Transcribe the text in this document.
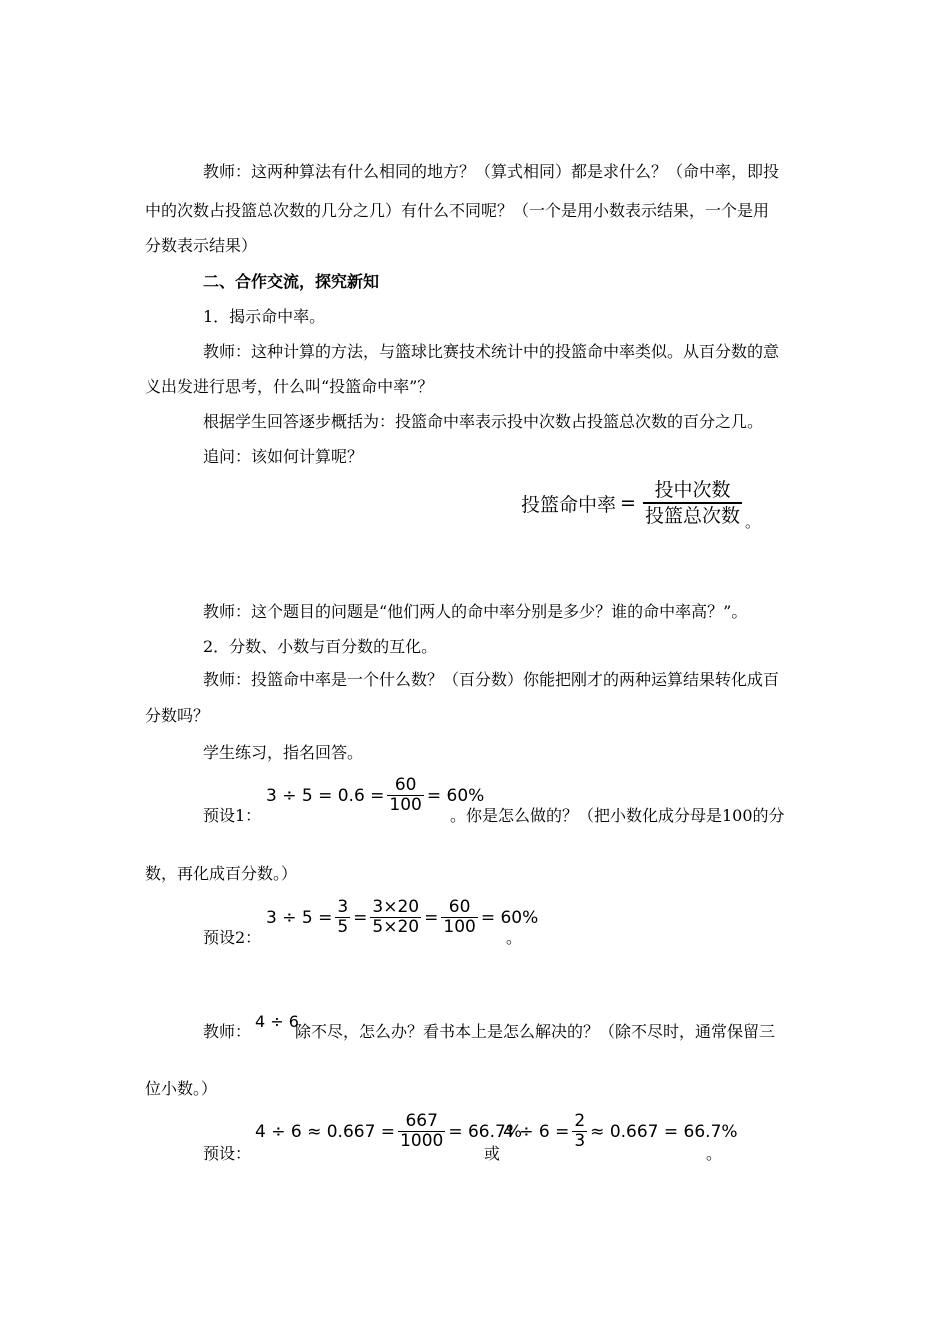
教师：这两种算法有什么相同的地方？（算式相同）都是求什么？（命中率，即投
中的次数占投篮总次数的几分之几）有什么不同呢？（一个是用小数表示结果，一个是用
分数表示结果）
二、合作交流，探究新知
1．揭示命中率。
教师：这种计算的方法，与篮球比赛技术统计中的投篮命中率类似。从百分数的意
义出发进行思考，什么叫“投篮命中率”？
根据学生回答逐步概括为：投篮命中率表示投中次数占投篮总次数的百分之几。
追问：该如何计算呢？
投篮命中率 = $\frac{\text{投中次数}}{\text{投篮总次数}}$ 。
教师：这个题目的问题是“他们两人的命中率分别是多少？谁的命中率高？”。
2．分数、小数与百分数的互化。
教师：投篮命中率是一个什么数？（百分数）你能把刚才的两种运算结果转化成百
分数吗？
学生练习，指名回答。
预设1：
$3 \div 5 = 0.6 = \frac{60}{100} = 60\%$
。你是怎么做的？（把小数化成分母是100的分
数，再化成百分数。）
预设2：
$3 \div 5 = \frac{3}{5} = \frac{3\times 20}{5\times 20} = \frac{60}{100} = 60\%$
。
教师：
4 ÷ 6
除不尽，怎么办？看书本上是怎么解决的？（除不尽时，通常保留三
位小数。）
预设：
$4 \div 6 \approx 0.667 = \frac{667}{1000} = 66.7\%$
或
$4 \div 6 = \frac{2}{3} \approx 0.667 = 66.7\%$
。
